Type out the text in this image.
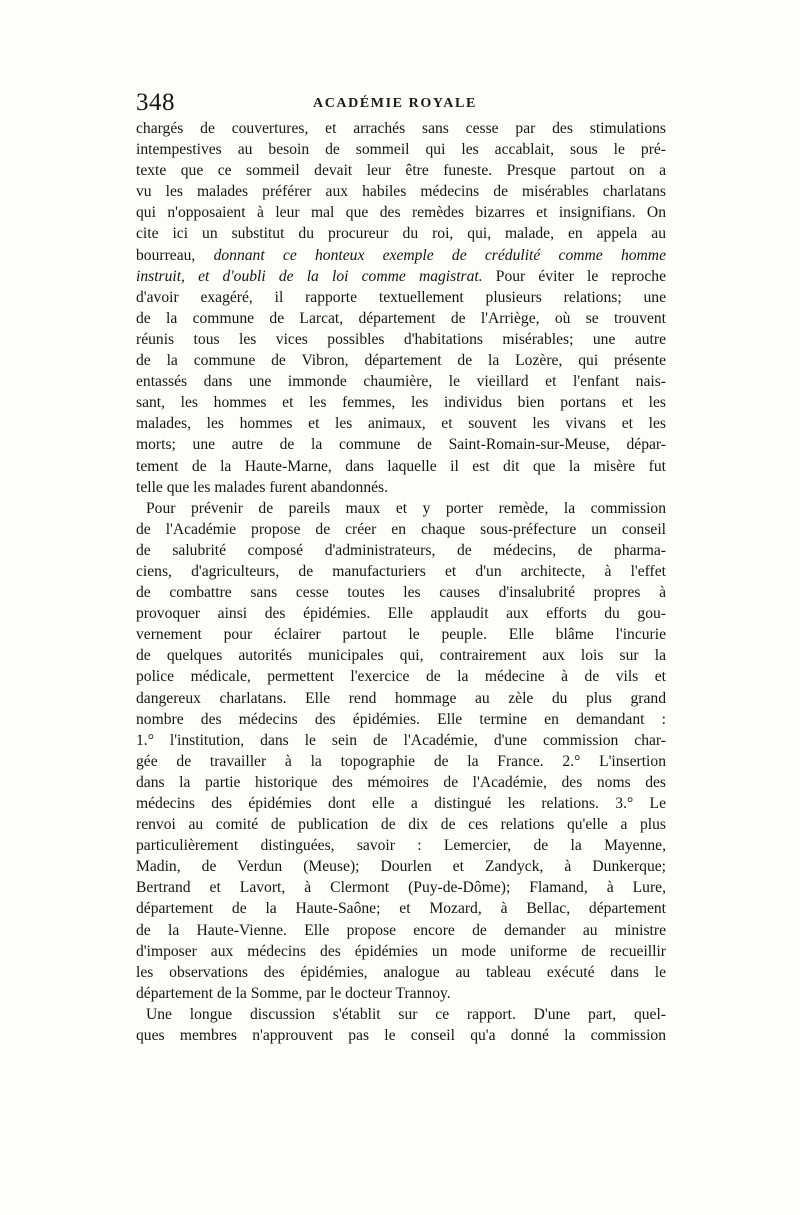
348	ACADÉMIE ROYALE
chargés de couvertures, et arrachés sans cesse par des stimulations
intempestives au besoin de sommeil qui les accablait, sous le pré-
texte que ce sommeil devait leur être funeste. Presque partout on a
vu les malades préférer aux habiles médecins de misérables charlatans
qui n'opposaient à leur mal que des remèdes bizarres et insignifians. On
cite ici un substitut du procureur du roi, qui, malade, en appela au
bourreau, donnant ce honteux exemple de crédulité comme homme
instruit, et d'oubli de la loi comme magistrat. Pour éviter le reproche
d'avoir exagéré, il rapporte textuellement plusieurs relations; une
de la commune de Larcat, département de l'Arriège, où se trouvent
réunis tous les vices possibles d'habitations misérables; une autre
de la commune de Vibron, département de la Lozère, qui présente
entassés dans une immonde chaumière, le vieillard et l'enfant nais-
sant, les hommes et les femmes, les individus bien portans et les
malades, les hommes et les animaux, et souvent les vivans et les
morts; une autre de la commune de Saint-Romain-sur-Meuse, dépar-
tement de la Haute-Marne, dans laquelle il est dit que la misère fut
telle que les malades furent abandonnés.
Pour prévenir de pareils maux et y porter remède, la commission
de l'Académie propose de créer en chaque sous-préfecture un conseil
de salubrité composé d'administrateurs, de médecins, de pharma-
ciens, d'agriculteurs, de manufacturiers et d'un architecte, à l'effet
de combattre sans cesse toutes les causes d'insalubrité propres à
provoquer ainsi des épidémies. Elle applaudit aux efforts du gou-
vernement pour éclairer partout le peuple. Elle blâme l'incurie
de quelques autorités municipales qui, contrairement aux lois sur la
police médicale, permettent l'exercice de la médecine à de vils et
dangereux charlatans. Elle rend hommage au zèle du plus grand
nombre des médecins des épidémies. Elle termine en demandant :
1.° l'institution, dans le sein de l'Académie, d'une commission char-
gée de travailler à la topographie de la France. 2.° L'insertion
dans la partie historique des mémoires de l'Académie, des noms des
médecins des épidémies dont elle a distingué les relations. 3.° Le
renvoi au comité de publication de dix de ces relations qu'elle a plus
particulièrement distinguées, savoir : Lemercier, de la Mayenne,
Madin, de Verdun (Meuse); Dourlen et Zandyck, à Dunkerque;
Bertrand et Lavort, à Clermont (Puy-de-Dôme); Flamand, à Lure,
département de la Haute-Saône; et Mozard, à Bellac, département
de la Haute-Vienne. Elle propose encore de demander au ministre
d'imposer aux médecins des épidémies un mode uniforme de recueillir
les observations des épidémies, analogue au tableau exécuté dans le
département de la Somme, par le docteur Trannoy.
Une longue discussion s'établit sur ce rapport. D'une part, quel-
ques membres n'approuvent pas le conseil qu'a donné la commission
